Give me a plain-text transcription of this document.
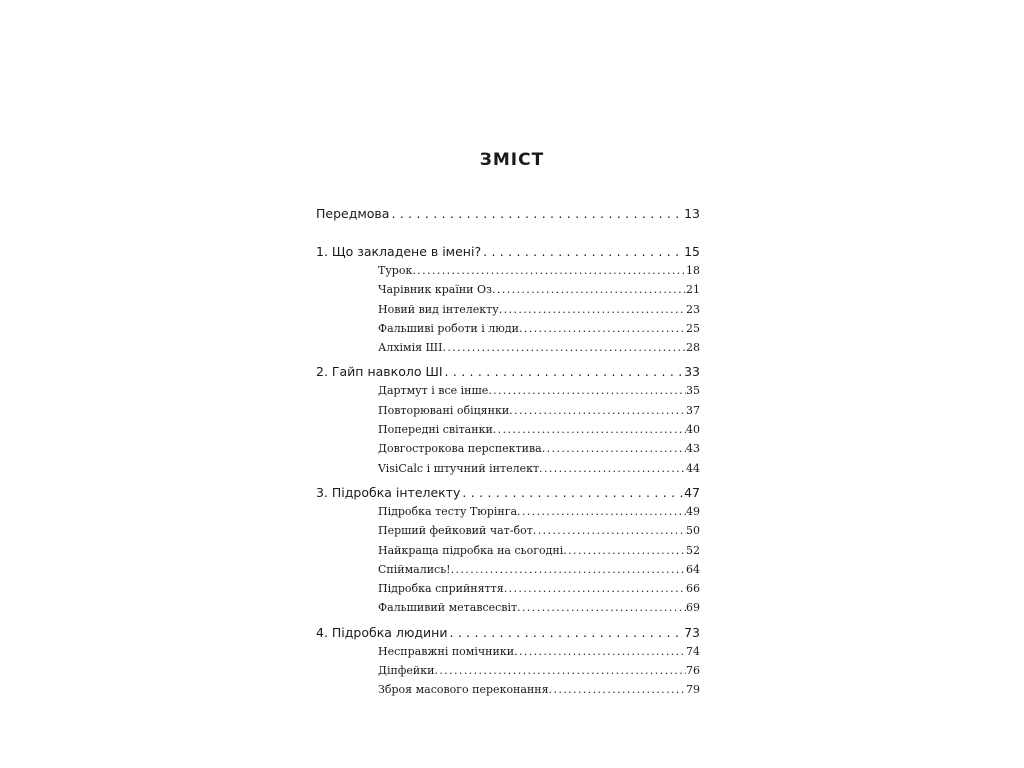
ЗМІСТ
Передмова . . .	13
1. Що закладене в імені? . . .	15
Турок .....	18
Чарівник країни Оз .....	21
Новий вид інтелекту .....	23
Фальшиві роботи і люди .....	25
Алхімія ШІ .....	28
2. Гайп навколо ШІ . . .	33
Дартмут і все інше .....	35
Повторювані обіцянки .....	37
Попередні світанки .....	40
Довгострокова перспектива .....	43
VisiCalc і штучний інтелект .....	44
3. Підробка інтелекту . . .	47
Підробка тесту Тюрінга .....	49
Перший фейковий чат-бот .....	50
Найкраща підробка на сьогодні .....	52
Спіймались! .....	64
Підробка сприйняття .....	66
Фальшивий метавсесвіт .....	69
4. Підробка людини . . .	73
Несправжні помічники .....	74
Діпфейки .....	76
Зброя масового переконання .....	79
